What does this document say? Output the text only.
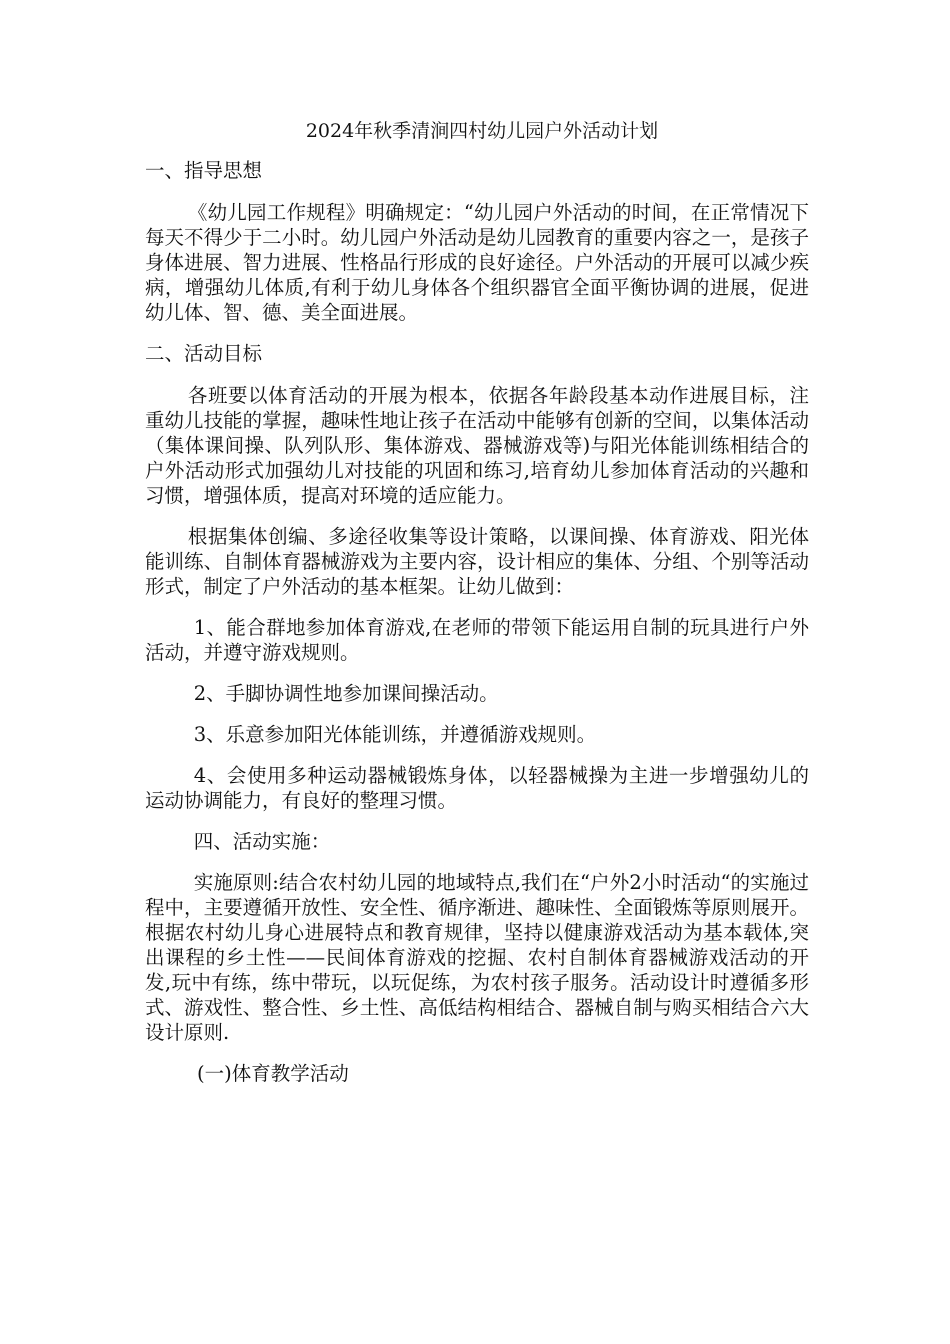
2024年秋季清涧四村幼儿园户外活动计划
一、指导思想

《幼儿园工作规程》明确规定：“幼儿园户外活动的时间，在正常情况下每天不得少于二小时。幼儿园户外活动是幼儿园教育的重要内容之一，是孩子身体进展、智力进展、性格品行形成的良好途径。户外活动的开展可以减少疾病，增强幼儿体质,有利于幼儿身体各个组织器官全面平衡协调的进展，促进幼儿体、智、德、美全面进展。

二、活动目标

各班要以体育活动的开展为根本，依据各年龄段基本动作进展目标，注重幼儿技能的掌握，趣味性地让孩子在活动中能够有创新的空间，以集体活动（集体课间操、队列队形、集体游戏、器械游戏等)与阳光体能训练相结合的户外活动形式加强幼儿对技能的巩固和练习,培育幼儿参加体育活动的兴趣和习惯，增强体质，提高对环境的适应能力。

根据集体创编、多途径收集等设计策略，以课间操、体育游戏、阳光体能训练、自制体育器械游戏为主要内容，设计相应的集体、分组、个别等活动形式，制定了户外活动的基本框架。让幼儿做到：

1、能合群地参加体育游戏,在老师的带领下能运用自制的玩具进行户外活动，并遵守游戏规则。

2、手脚协调性地参加课间操活动。

3、乐意参加阳光体能训练，并遵循游戏规则。

4、会使用多种运动器械锻炼身体，以轻器械操为主进一步增强幼儿的运动协调能力，有良好的整理习惯。

四、活动实施：

实施原则:结合农村幼儿园的地域特点,我们在“户外2小时活动“的实施过程中，主要遵循开放性、安全性、循序渐进、趣味性、全面锻炼等原则展开。根据农村幼儿身心进展特点和教育规律，坚持以健康游戏活动为基本载体,突出课程的乡土性——民间体育游戏的挖掘、农村自制体育器械游戏活动的开发,玩中有练，练中带玩，以玩促练，为农村孩子服务。活动设计时遵循多形式、游戏性、整合性、乡土性、高低结构相结合、器械自制与购买相结合六大设计原则.

(一)体育教学活动
